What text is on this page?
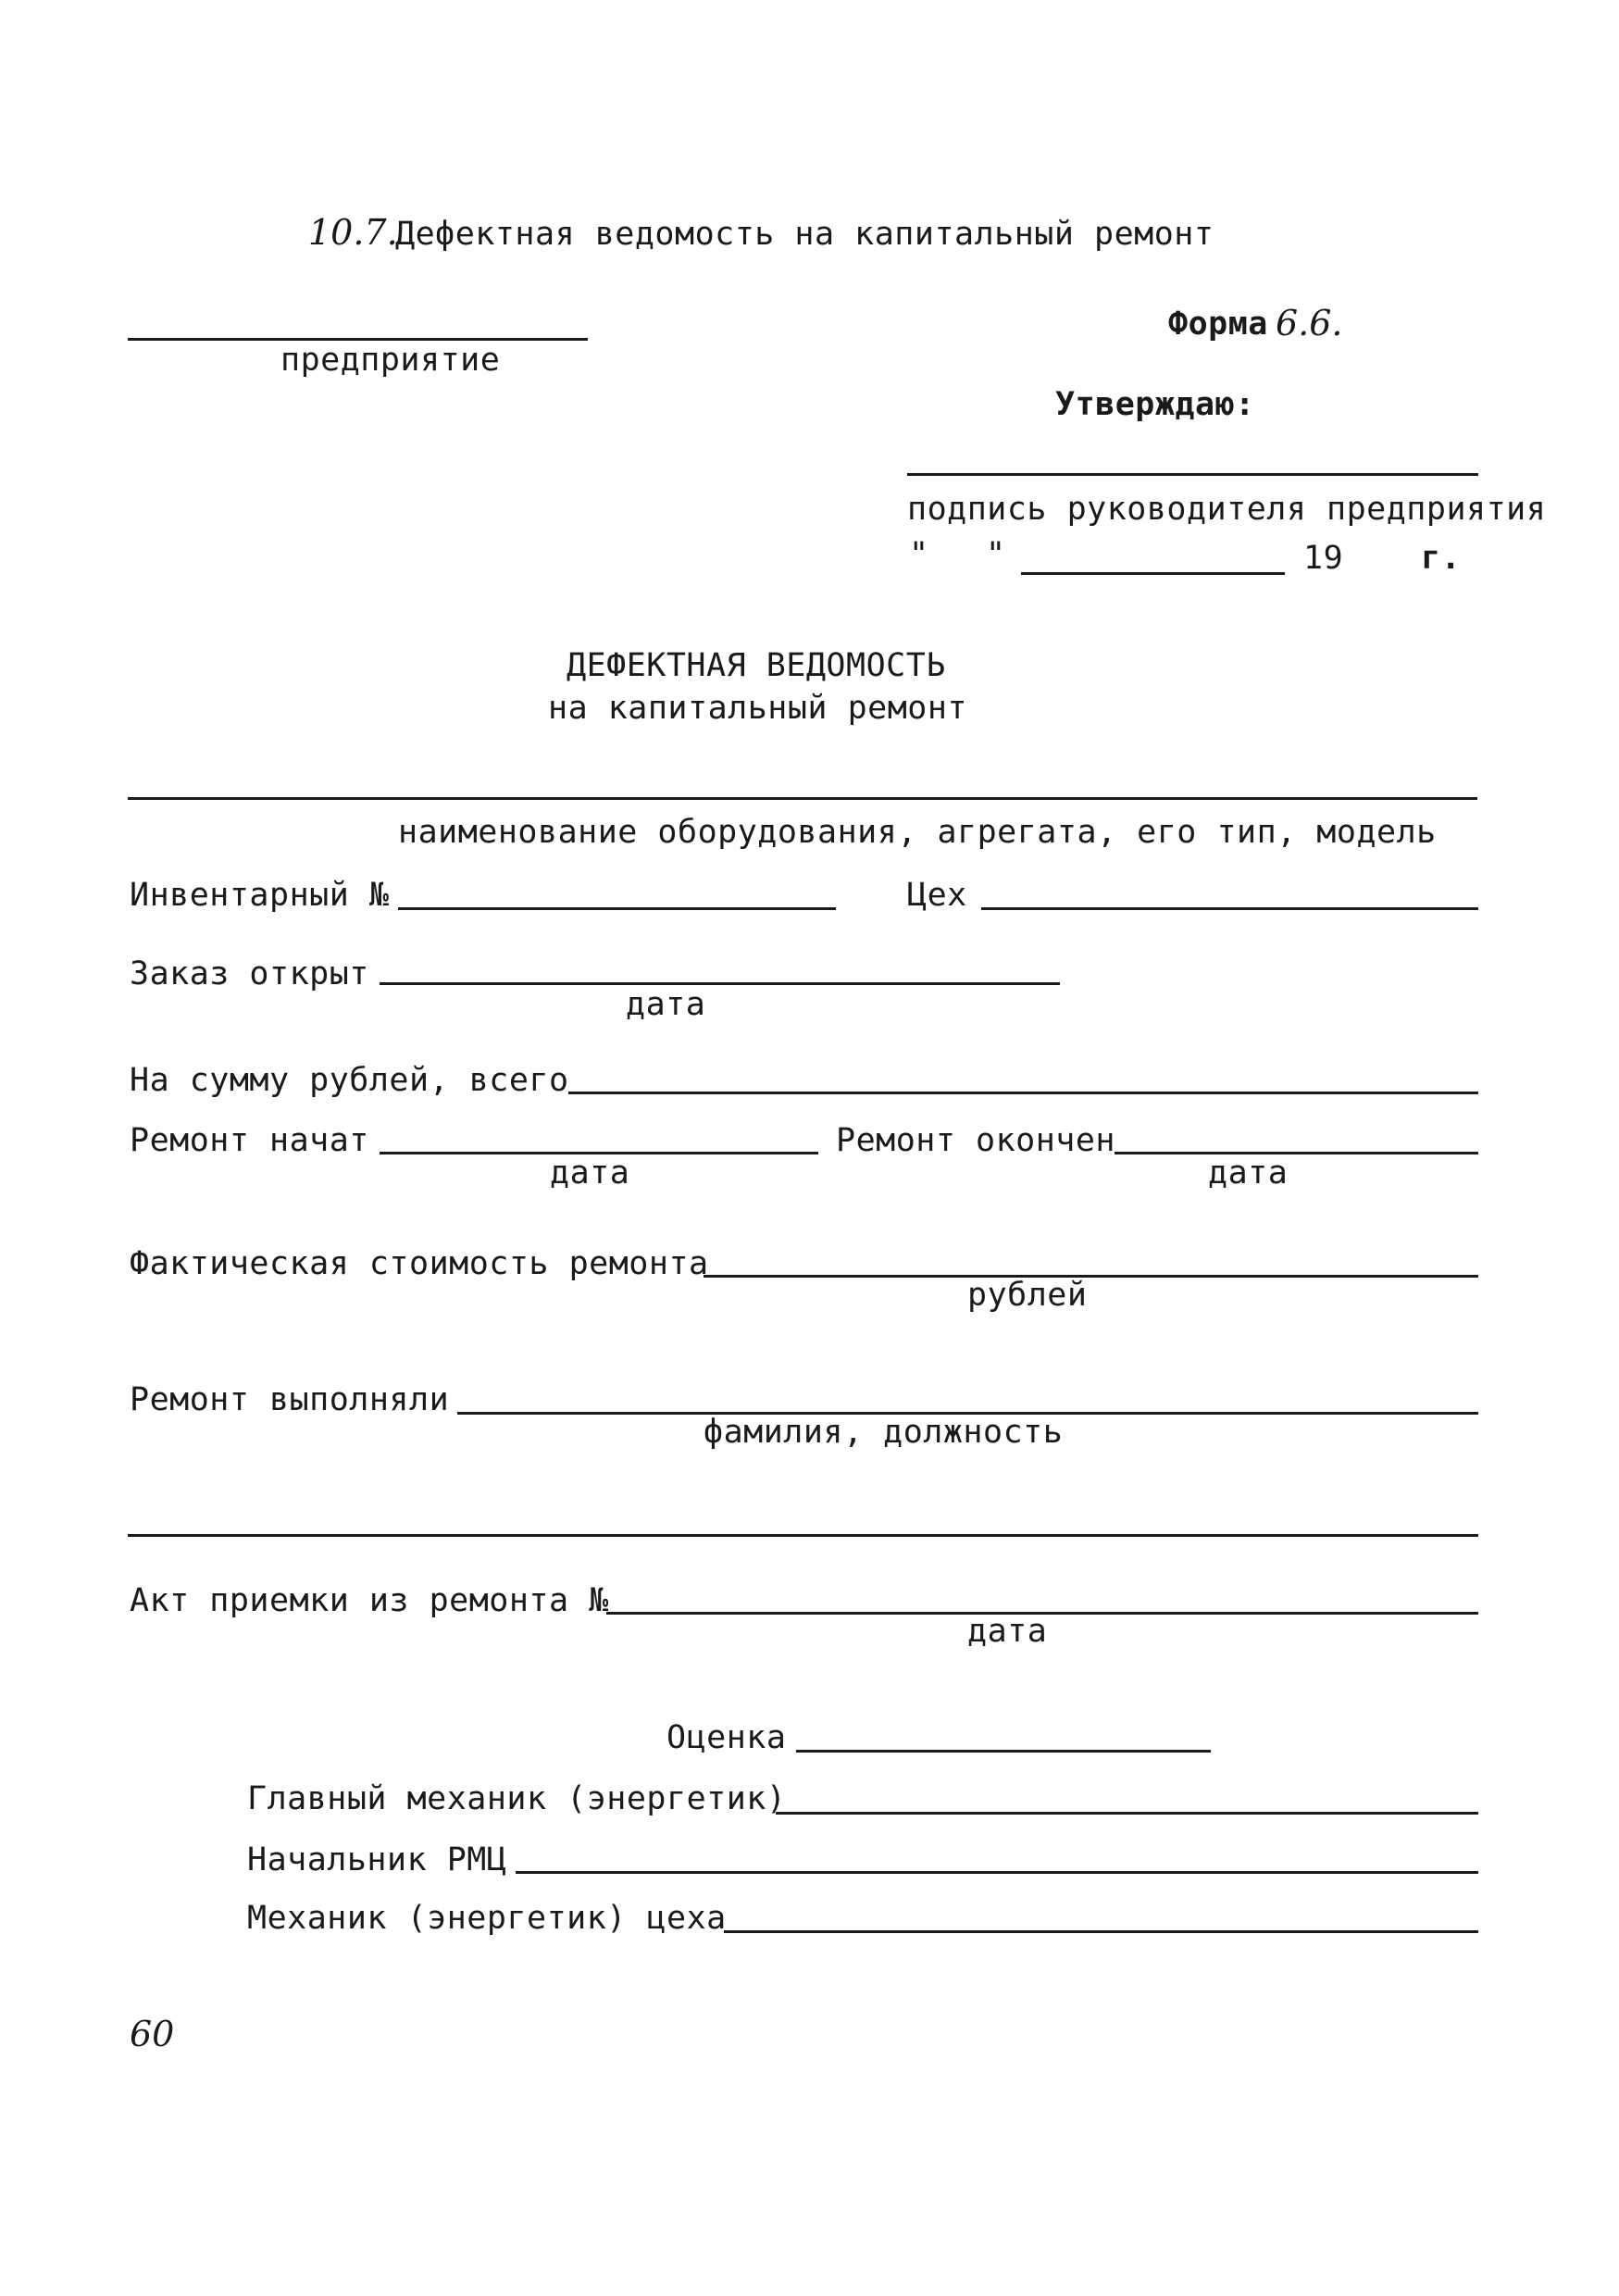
10.7.
Дефектная ведомость на капитальный ремонт
предприятие
Форма 6.6.
Утверждаю:
подпись руководителя предприятия
" "	19 г.
ДЕФЕКТНАЯ ВЕДОМОСТЬ
на капитальный ремонт
наименование оборудования, агрегата, его тип, модель
Инвентарный №	Цех
Заказ открыт
дата
На сумму рублей, всего
Ремонт начат
дата
Ремонт окончен
дата
Фактическая стоимость ремонта
рублей
Ремонт выполняли
фамилия, должность
Акт приемки из ремонта №
дата
Оценка
Главный механик (энергетик)
Начальник РМЦ
Механик (энергетик) цеха
60
